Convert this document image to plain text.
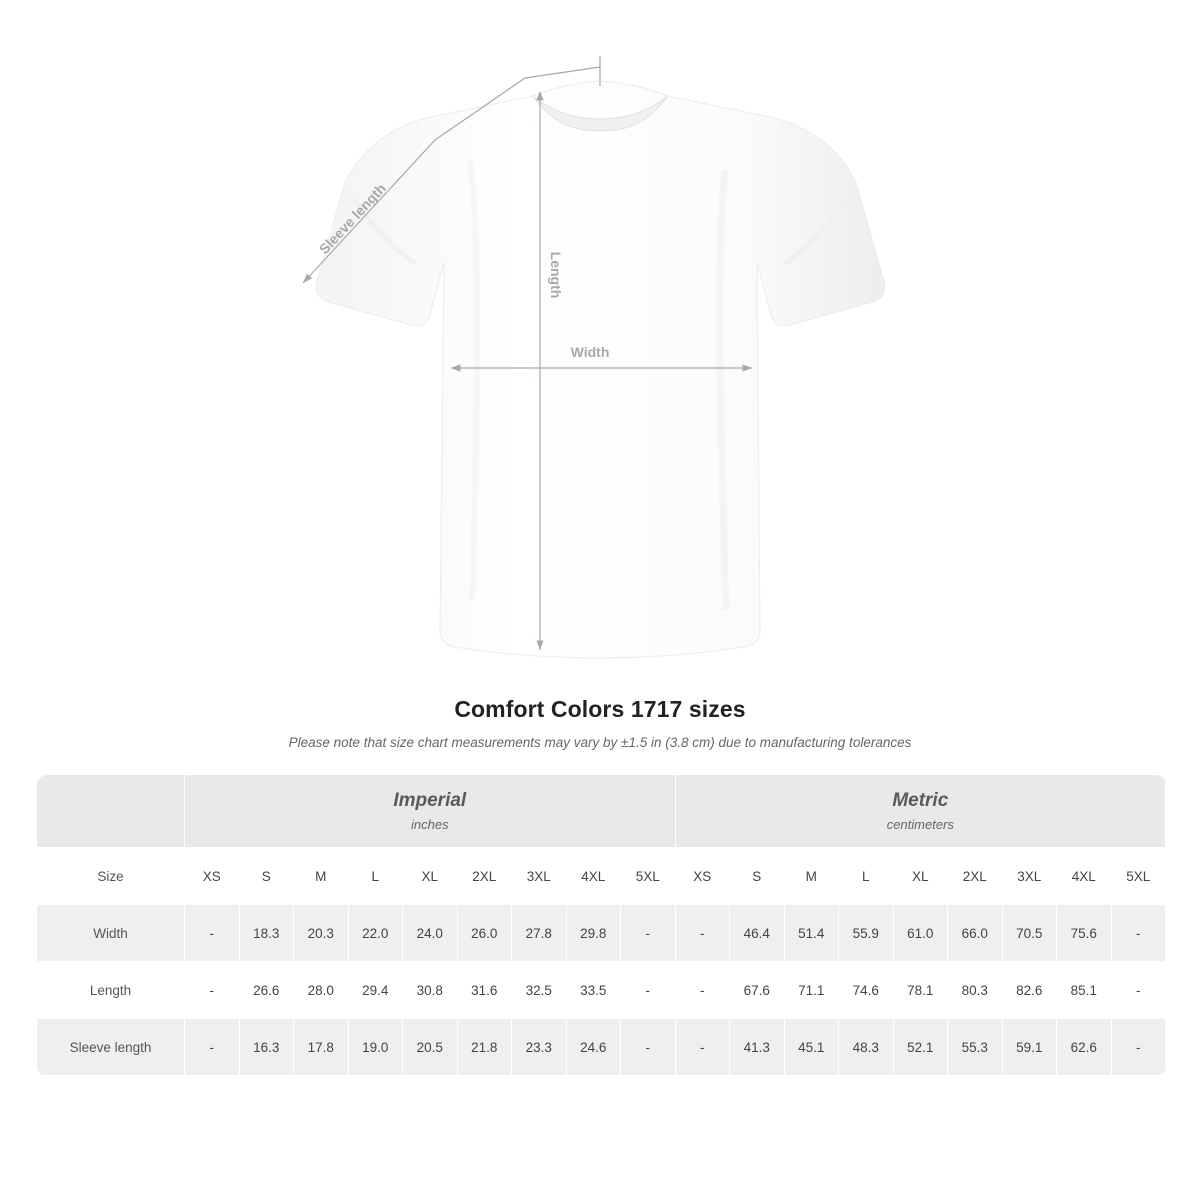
Sleeve length
Length
Width
Comfort Colors 1717 sizes
Please note that size chart measurements may vary by ±1.5 in (3.8 cm) due to manufacturing tolerances

Imperial
inches

Metric
centimeters

Size	XS	S	M	L	XL	2XL	3XL	4XL	5XL	XS	S	M	L	XL	2XL	3XL	4XL	5XL
Width	-	18.3	20.3	22.0	24.0	26.0	27.8	29.8	-	-	46.4	51.4	55.9	61.0	66.0	70.5	75.6	-
Length	-	26.6	28.0	29.4	30.8	31.6	32.5	33.5	-	-	67.6	71.1	74.6	78.1	80.3	82.6	85.1	-
Sleeve length	-	16.3	17.8	19.0	20.5	21.8	23.3	24.6	-	-	41.3	45.1	48.3	52.1	55.3	59.1	62.6	-
